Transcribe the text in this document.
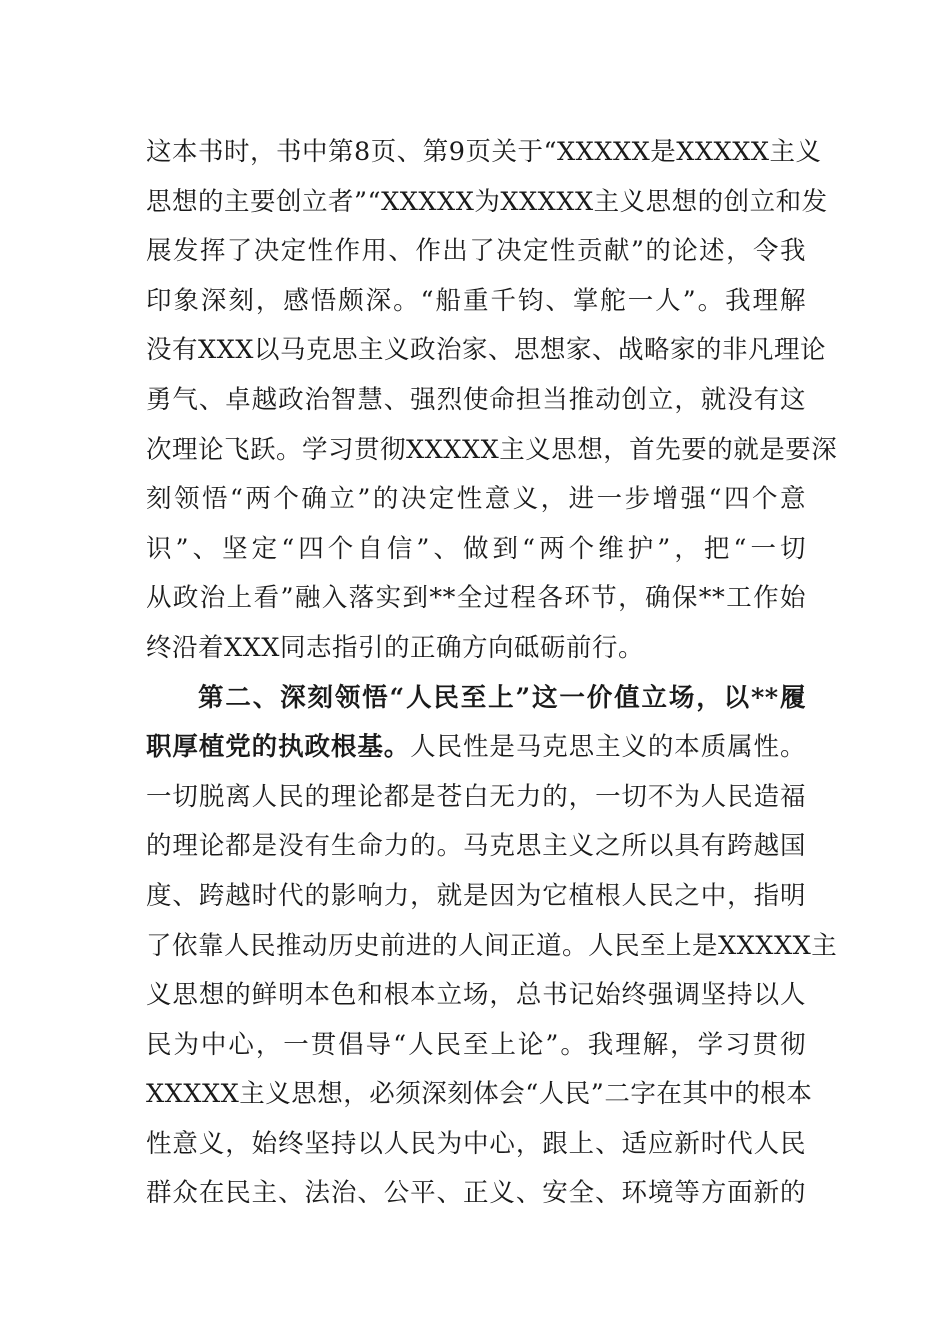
这本书时，书中第8页、第9页关于“XXXXX是XXXXX主义
思想的主要创立者”“XXXXX为XXXXX主义思想的创立和发
展发挥了决定性作用、作出了决定性贡献”的论述，令我
印象深刻，感悟颇深。“船重千钧、掌舵一人”。我理解
没有XXX以马克思主义政治家、思想家、战略家的非凡理论
勇气、卓越政治智慧、强烈使命担当推动创立，就没有这
次理论飞跃。学习贯彻XXXXX主义思想，首先要的就是要深
刻领悟“两个确立”的决定性意义，进一步增强“四个意
识”、坚定“四个自信”、做到“两个维护”，把“一切
从政治上看”融入落实到**全过程各环节，确保**工作始
终沿着XXX同志指引的正确方向砥砺前行。
第二、深刻领悟“人民至上”这一价值立场，以**履
职厚植党的执政根基。人民性是马克思主义的本质属性。
一切脱离人民的理论都是苍白无力的，一切不为人民造福
的理论都是没有生命力的。马克思主义之所以具有跨越国
度、跨越时代的影响力，就是因为它植根人民之中，指明
了依靠人民推动历史前进的人间正道。人民至上是XXXXX主
义思想的鲜明本色和根本立场，总书记始终强调坚持以人
民为中心，一贯倡导“人民至上论”。我理解，学习贯彻
XXXXX主义思想，必须深刻体会“人民”二字在其中的根本
性意义，始终坚持以人民为中心，跟上、适应新时代人民
群众在民主、法治、公平、正义、安全、环境等方面新的
